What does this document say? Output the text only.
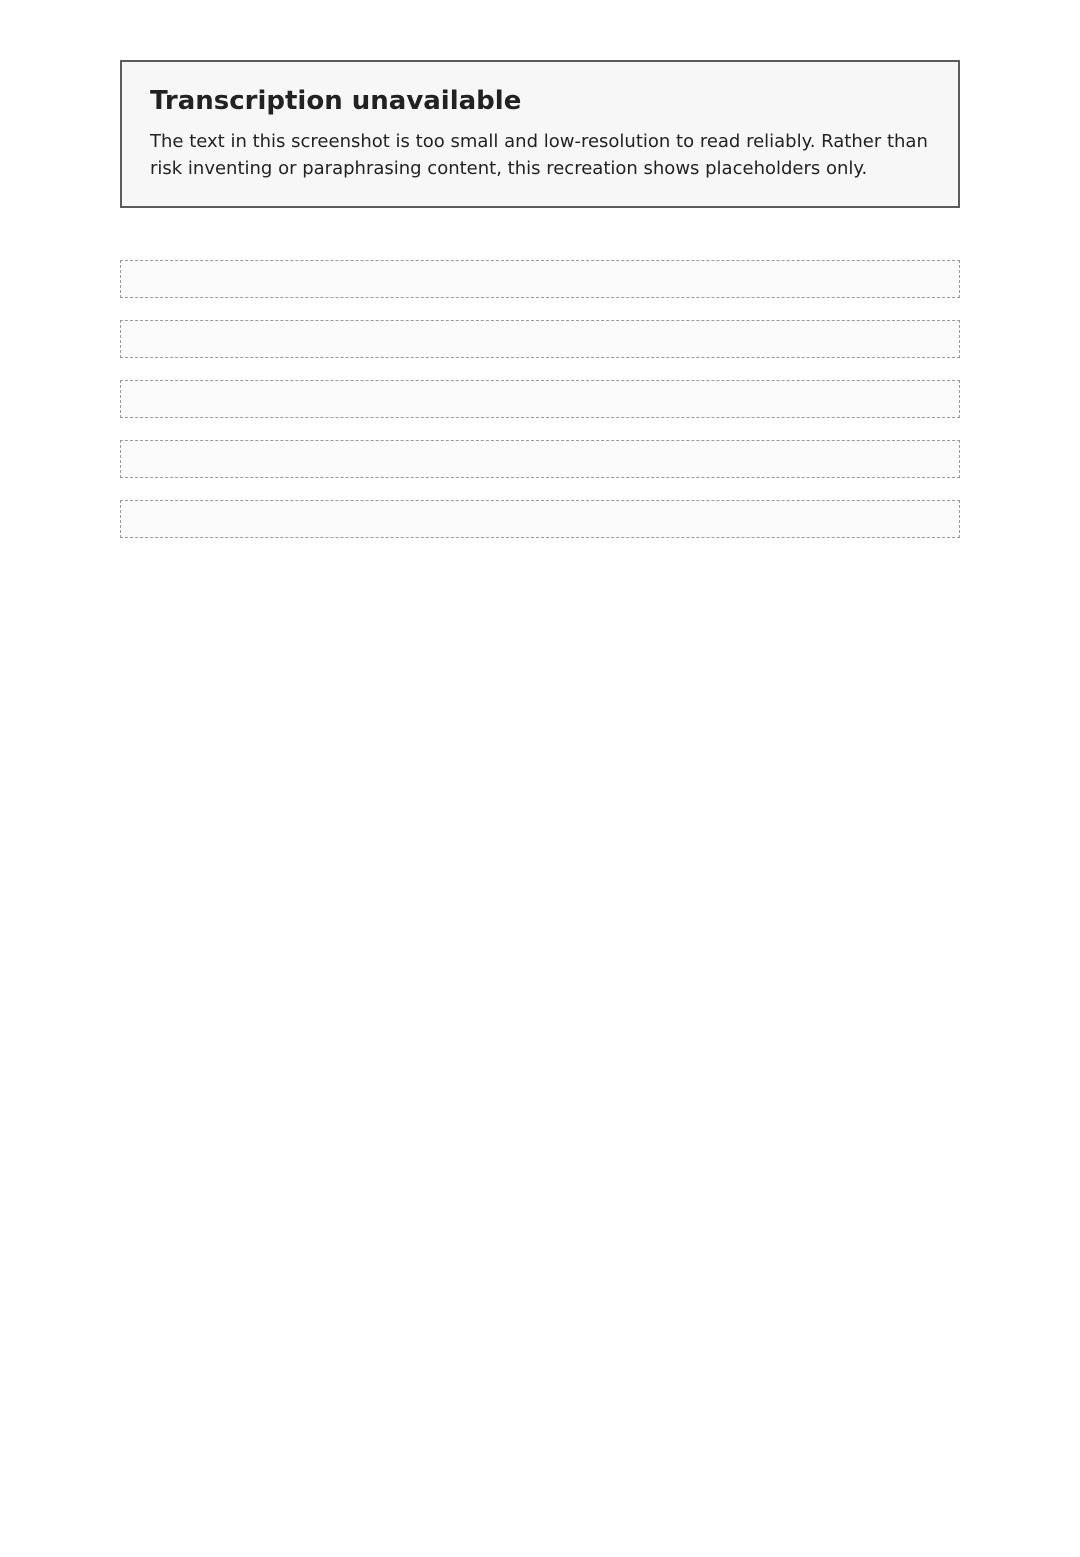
Transcription unavailable

The text in this screenshot is too small and low-resolution to read reliably. Rather than risk inventing or paraphrasing content, this recreation shows placeholders only.
